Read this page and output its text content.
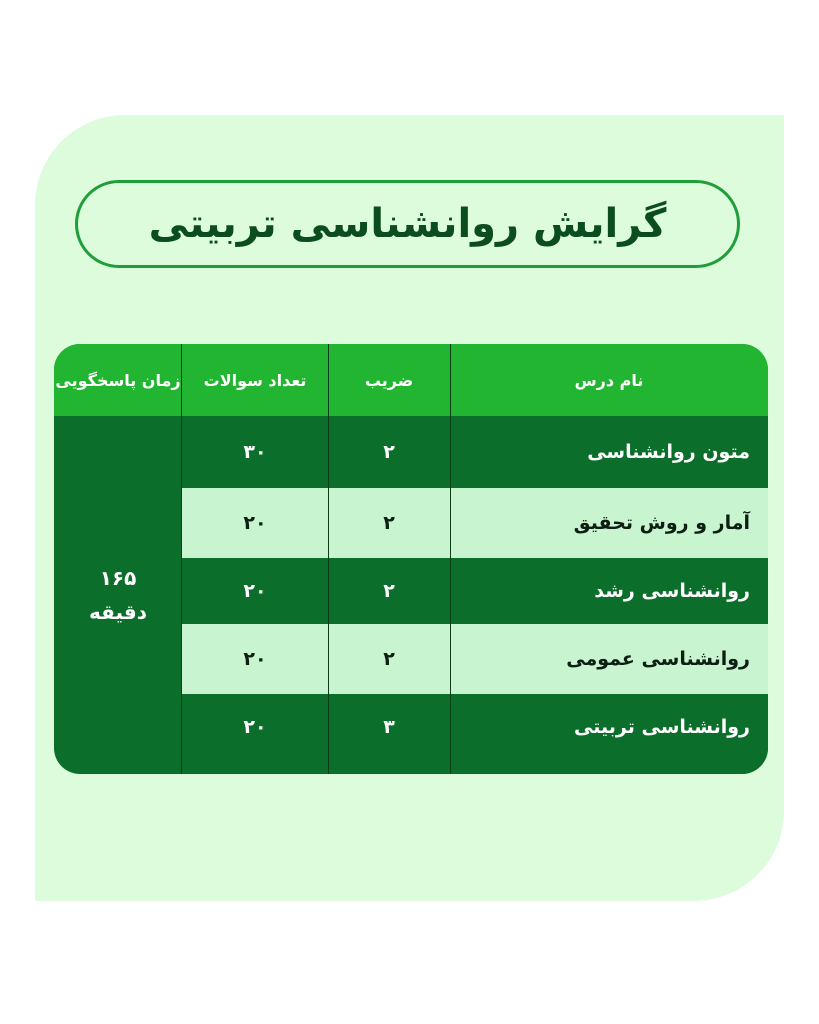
گرایش روانشناسی تربیتی
زمان پاسخگویی	تعداد سوالات	ضریب	نام درس
۳۰	۲	متون روانشناسی
۲۰	۲	آمار و روش تحقیق
۲۰	۲	روانشناسی رشد
۲۰	۲	روانشناسی عمومی
۲۰	۳	روانشناسی تربیتی
۱۶۵
دقیقه
